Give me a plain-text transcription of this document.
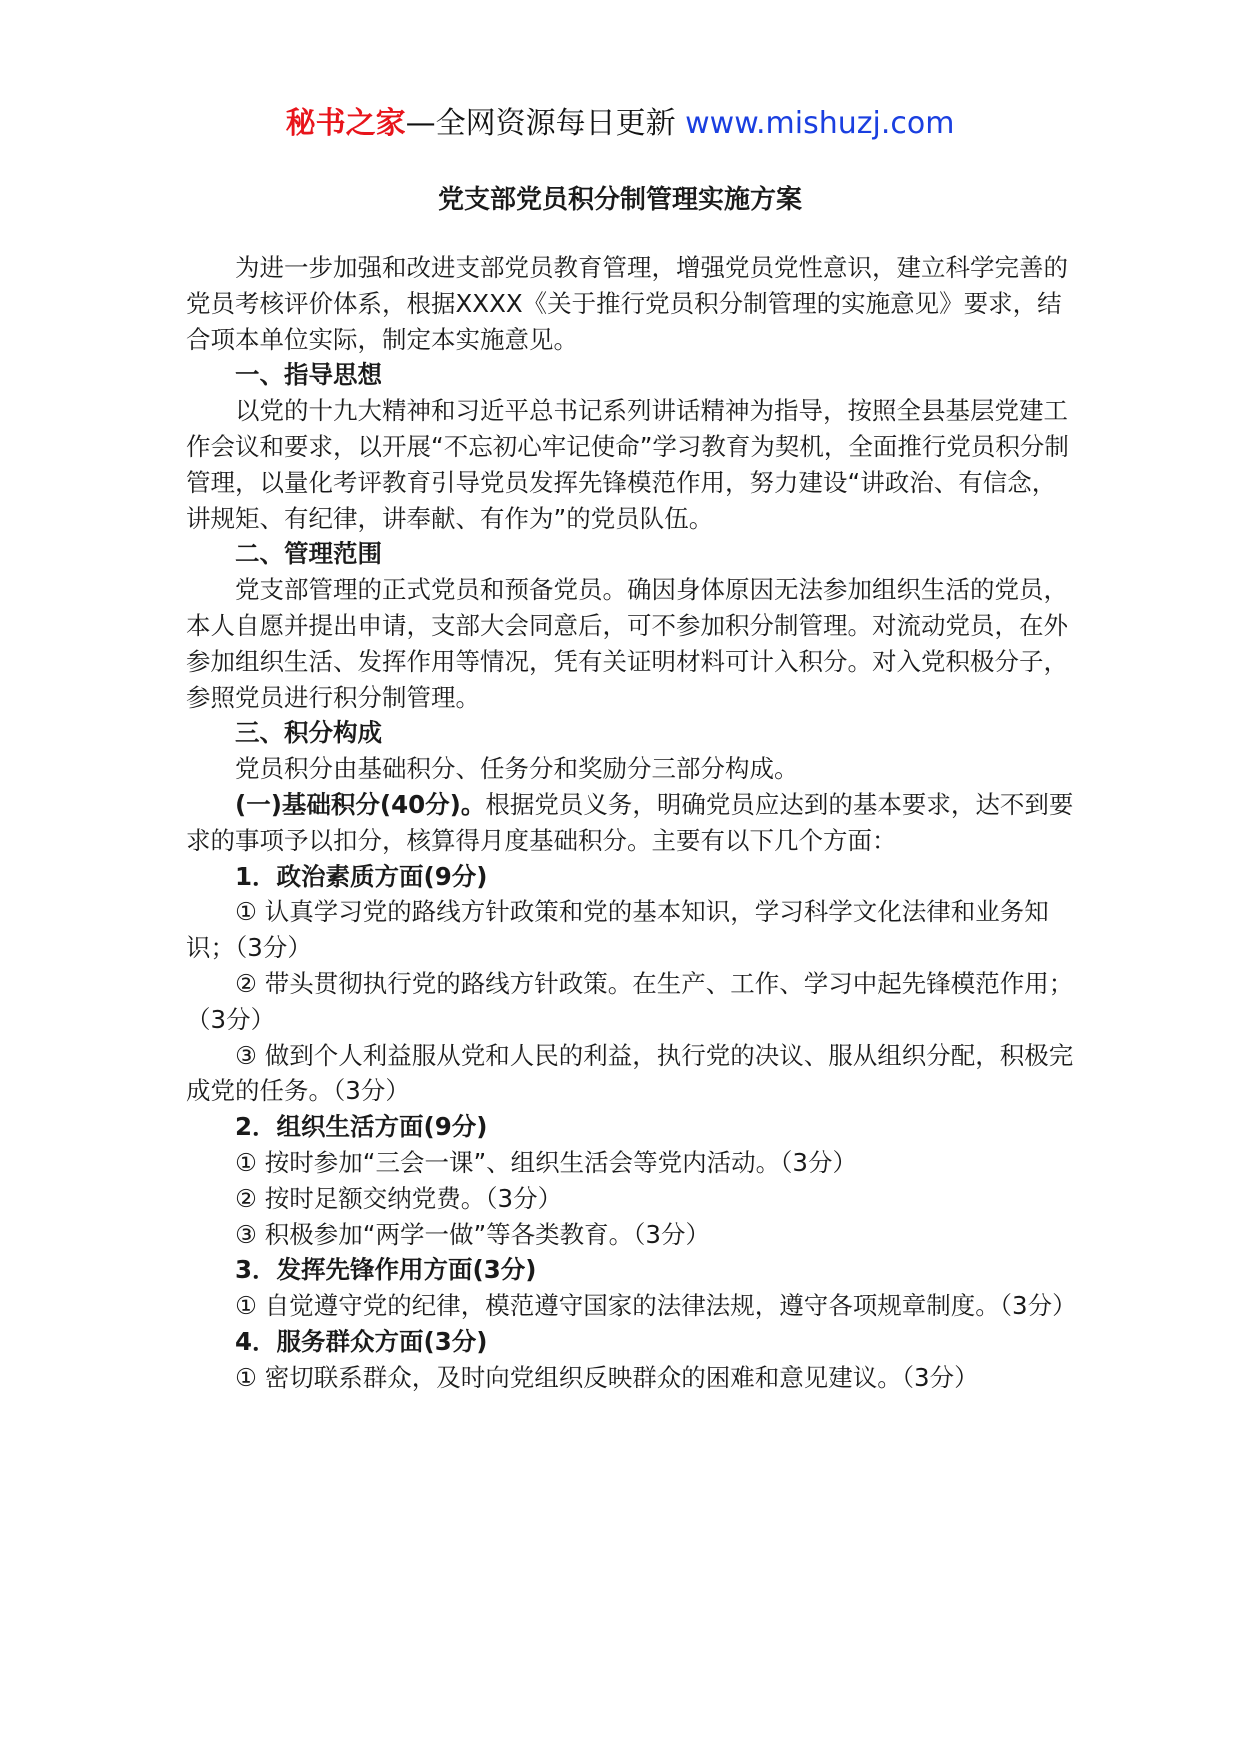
秘书之家—全网资源每日更新 www.mishuzj.com
党支部党员积分制管理实施方案

为进一步加强和改进支部党员教育管理，增强党员党性意识，建立科学完善的党员考核评价体系，根据XXXX《关于推行党员积分制管理的实施意见》要求，结合项本单位实际，制定本实施意见。

一、指导思想

以党的十九大精神和习近平总书记系列讲话精神为指导，按照全县基层党建工作会议和要求，以开展“不忘初心牢记使命”学习教育为契机，全面推行党员积分制管理，以量化考评教育引导党员发挥先锋模范作用，努力建设“讲政治、有信念，讲规矩、有纪律，讲奉献、有作为”的党员队伍。

二、管理范围

党支部管理的正式党员和预备党员。确因身体原因无法参加组织生活的党员，本人自愿并提出申请，支部大会同意后，可不参加积分制管理。对流动党员，在外参加组织生活、发挥作用等情况，凭有关证明材料可计入积分。对入党积极分子，参照党员进行积分制管理。

三、积分构成

党员积分由基础积分、任务分和奖励分三部分构成。

(一)基础积分(40分)。根据党员义务，明确党员应达到的基本要求，达不到要求的事项予以扣分，核算得月度基础积分。主要有以下几个方面：

1．政治素质方面(9分)

① 认真学习党的路线方针政策和党的基本知识，学习科学文化法律和业务知识；（3分）

② 带头贯彻执行党的路线方针政策。在生产、工作、学习中起先锋模范作用；（3分）

③ 做到个人利益服从党和人民的利益，执行党的决议、服从组织分配，积极完成党的任务。（3分）

2．组织生活方面(9分)

① 按时参加“三会一课”、组织生活会等党内活动。（3分）

② 按时足额交纳党费。（3分）

③ 积极参加“两学一做”等各类教育。（3分）

3．发挥先锋作用方面(3分)

① 自觉遵守党的纪律，模范遵守国家的法律法规，遵守各项规章制度。（3分）

4．服务群众方面(3分)

① 密切联系群众，及时向党组织反映群众的困难和意见建议。（3分）
